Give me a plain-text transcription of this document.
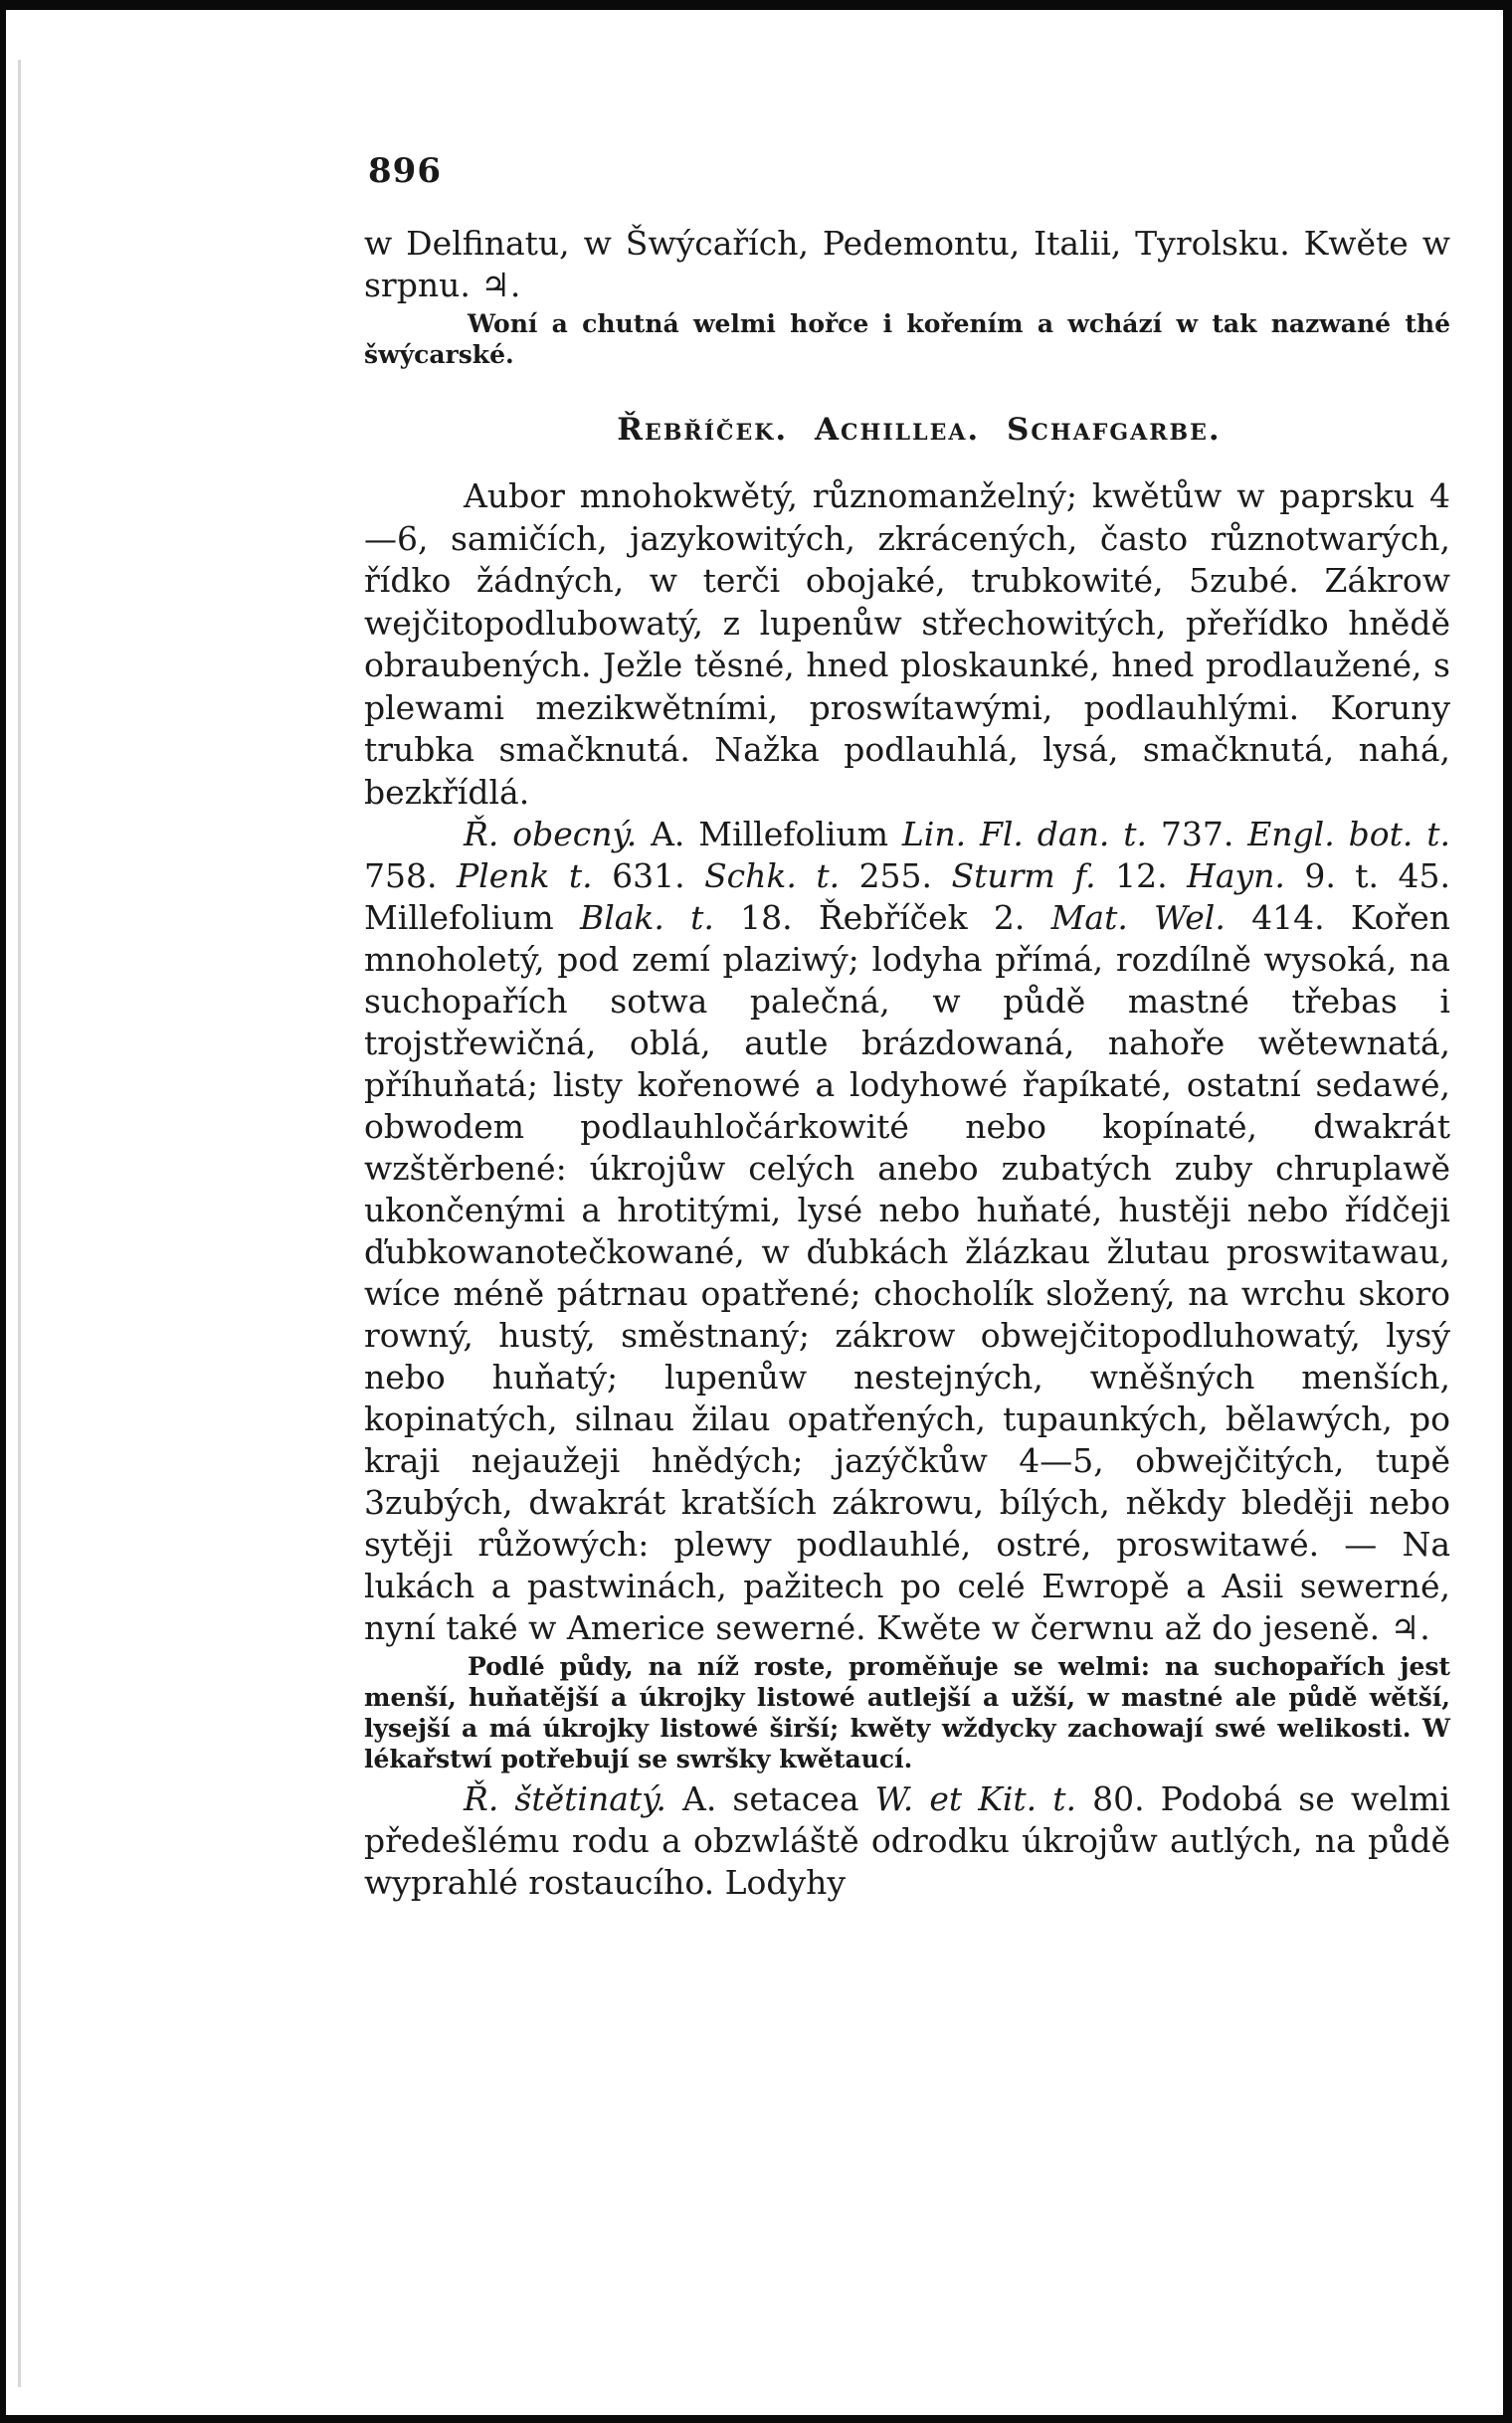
896

w Delfinatu, w Šwýcařích, Pedemontu, Italii, Tyrolsku. Kwěte w srpnu. ♃.

Woní a chutná welmi hořce i kořením a wchází w tak nazwané thé šwýcarské.

Řebříček. Achillea. Schafgarbe.

Aubor mnohokwětý, různomanželný; kwětůw w paprsku 4—6, samičích, jazykowitých, zkrácených, často různotwarých, řídko žádných, w terči obojaké, trubkowité, 5zubé. Zákrow wejčitopodlubowatý, z lupenůw střechowitých, přeřídko hnědě obraubených. Ježle těsné, hned ploskaunké, hned prodlaužené, s plewami mezikwětními, proswítawými, podlauhlými. Koruny trubka smačknutá. Nažka podlauhlá, lysá, smačknutá, nahá, bezkřídlá.

Ř. obecný. A. Millefolium Lin. Fl. dan. t. 737. Engl. bot. t. 758. Plenk t. 631. Schk. t. 255. Sturm f. 12. Hayn. 9. t. 45. Millefolium Blak. t. 18. Řebříček 2. Mat. Wel. 414. Kořen mnoholetý, pod zemí plaziwý; lodyha přímá, rozdílně wysoká, na suchopařích sotwa palečná, w půdě mastné třebas i trojstřewičná, oblá, autle brázdowaná, nahoře wětewnatá, příhuňatá; listy kořenowé a lodyhowé řapíkaté, ostatní sedawé, obwodem podlauhločárkowité nebo kopínaté, dwakrát wzštěrbené: úkrojůw celých anebo zubatých zuby chruplawě ukončenými a hrotitými, lysé nebo huňaté, hustěji nebo řídčeji ďubkowanotečkowané, w ďubkách žlázkau žlutau proswitawau, wíce méně pátrnau opatřené; chocholík složený, na wrchu skoro rowný, hustý, směstnaný; zákrow obwejčitopodluhowatý, lysý nebo huňatý; lupenůw nestejných, wněšných menších, kopinatých, silnau žilau opatřených, tupaunkých, bělawých, po kraji nejaužeji hnědých; jazýčkůw 4—5, obwejčitých, tupě 3zubých, dwakrát kratších zákrowu, bílých, někdy bleději nebo sytěji růžowých: plewy podlauhlé, ostré, proswitawé. — Na lukách a pastwinách, pažitech po celé Ewropě a Asii sewerné, nyní také w Americe sewerné. Kwěte w čerwnu až do jeseně. ♃.

Podlé půdy, na níž roste, proměňuje se welmi: na suchopařích jest menší, huňatější a úkrojky listowé autlejší a užší, w mastné ale půdě wětší, lysejší a má úkrojky listowé širší; kwěty wždycky zachowají swé welikosti. W lékařstwí potřebují se swršky kwětaucí.

Ř. štětinatý. A. setacea W. et Kit. t. 80. Podobá se welmi předešlému rodu a obzwláště odrodku úkrojůw autlých, na půdě wyprahlé rostaucího. Lodyhy
